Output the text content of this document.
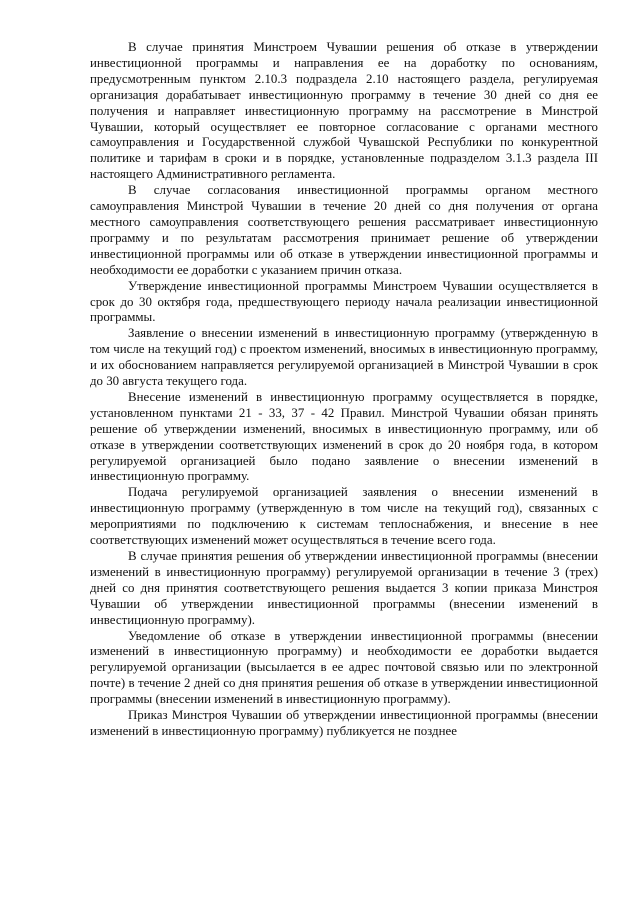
В случае принятия Минстроем Чувашии решения об отказе в утверждении инвестиционной программы и направления ее на доработку по основаниям, предусмотренным пунктом 2.10.3 подраздела 2.10 настоящего раздела, регулируемая организация дорабатывает инвестиционную программу в течение 30 дней со дня ее получения и направляет инвестиционную программу на рассмотрение в Минстрой Чувашии, который осуществляет ее повторное согласование с органами местного самоуправления и Государственной службой Чувашской Республики по конкурентной политике и тарифам в сроки и в порядке, установленные подразделом 3.1.3 раздела III настоящего Административного регламента.

В случае согласования инвестиционной программы органом местного самоуправления Минстрой Чувашии в течение 20 дней со дня получения от органа местного самоуправления соответствующего решения рассматривает инвестиционную программу и по результатам рассмотрения принимает решение об утверждении инвестиционной программы или об отказе в утверждении инвестиционной программы и необходимости ее доработки с указанием причин отказа.

Утверждение инвестиционной программы Минстроем Чувашии осуществляется в срок до 30 октября года, предшествующего периоду начала реализации инвестиционной программы.

Заявление о внесении изменений в инвестиционную программу (утвержденную в том числе на текущий год) с проектом изменений, вносимых в инвестиционную программу, и их обоснованием направляется регулируемой организацией в Минстрой Чувашии в срок до 30 августа текущего года.

Внесение изменений в инвестиционную программу осуществляется в порядке, установленном пунктами 21 - 33, 37 - 42 Правил. Минстрой Чувашии обязан принять решение об утверждении изменений, вносимых в инвестиционную программу, или об отказе в утверждении соответствующих изменений в срок до 20 ноября года, в котором регулируемой организацией было подано заявление о внесении изменений в инвестиционную программу.

Подача регулируемой организацией заявления о внесении изменений в инвестиционную программу (утвержденную в том числе на текущий год), связанных с мероприятиями по подключению к системам теплоснабжения, и внесение в нее соответствующих изменений может осуществляться в течение всего года.

В случае принятия решения об утверждении инвестиционной программы (внесении изменений в инвестиционную программу) регулируемой организации в течение 3 (трех) дней со дня принятия соответствующего решения выдается 3 копии приказа Минстроя Чувашии об утверждении инвестиционной программы (внесении изменений в инвестиционную программу).

Уведомление об отказе в утверждении инвестиционной программы (внесении изменений в инвестиционную программу) и необходимости ее доработки выдается регулируемой организации (высылается в ее адрес почтовой связью или по электронной почте) в течение 2 дней со дня принятия решения об отказе в утверждении инвестиционной программы (внесении изменений в инвестиционную программу).

Приказ Минстроя Чувашии об утверждении инвестиционной программы (внесении изменений в инвестиционную программу) публикуется не позднее
